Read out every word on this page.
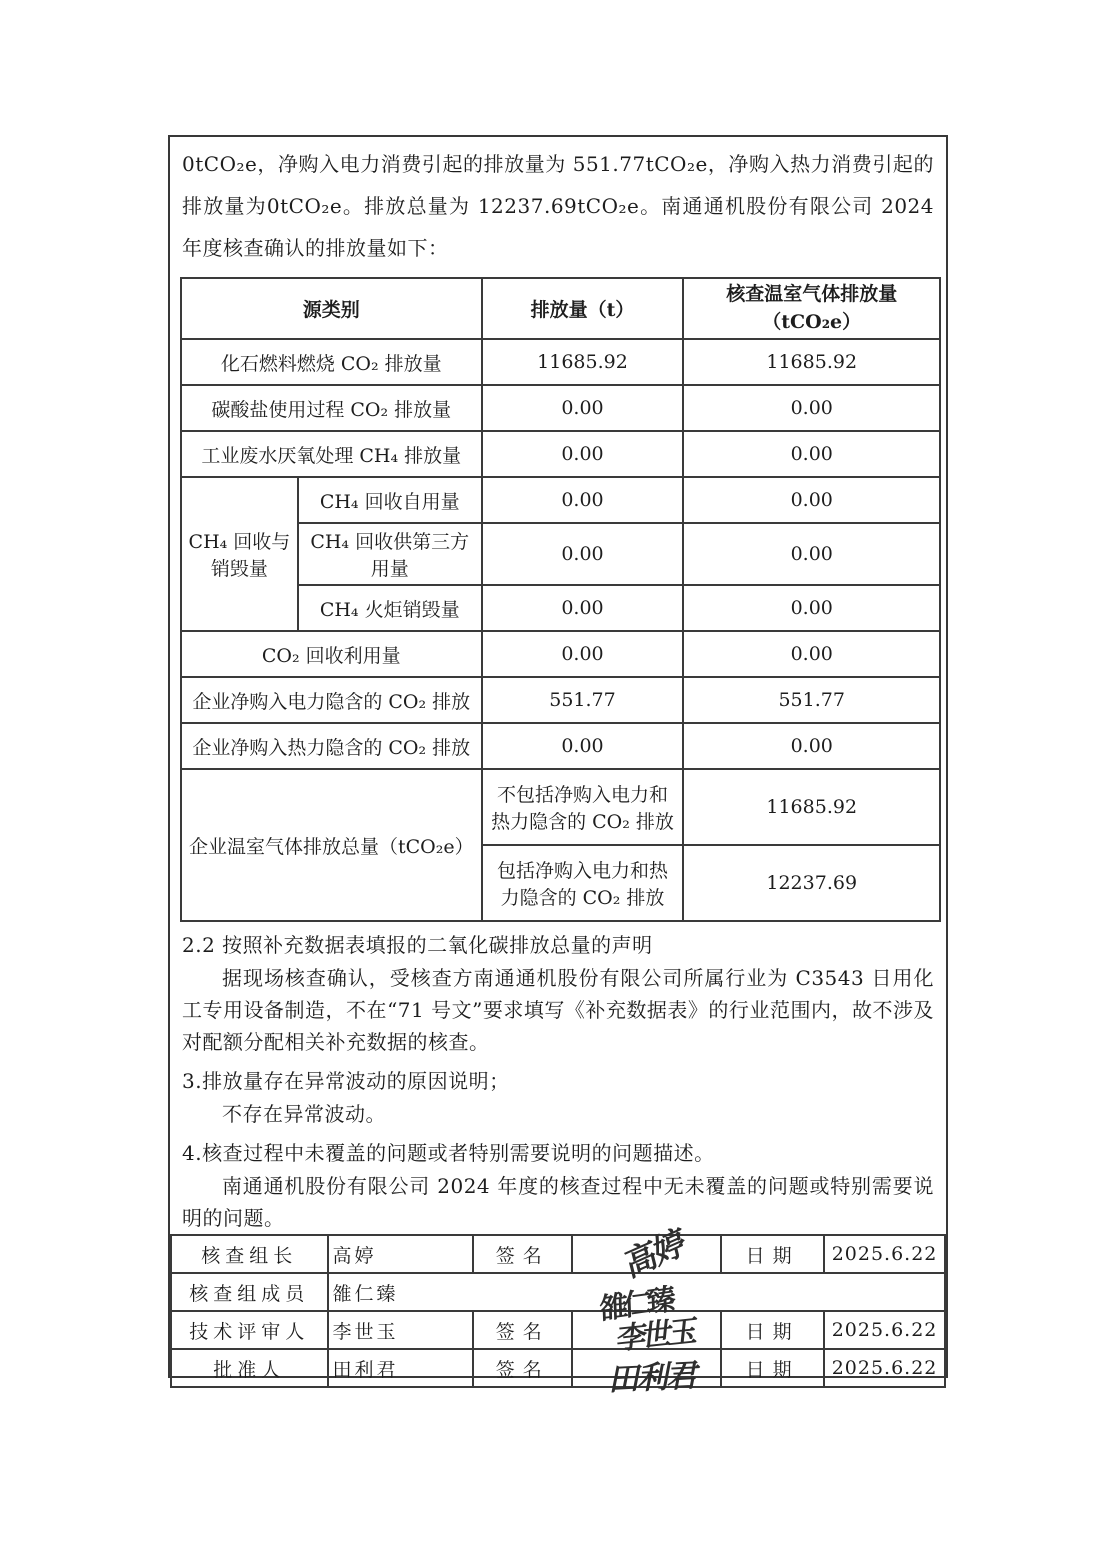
0tCO₂e，净购入电力消费引起的排放量为 551.77tCO₂e，净购入热力消费引起的排放量为0tCO₂e。排放总量为 12237.69tCO₂e。南通通机股份有限公司 2024 年度核查确认的排放量如下：

源类别		排放量（t）	核查温室气体排放量
（tCO₂e）

化石燃料燃烧 CO₂ 排放量		11685.92	11685.92
碳酸盐使用过程 CO₂ 排放量		0.00	0.00
工业废水厌氧处理 CH₄ 排放量		0.00	0.00
CH₄ 回收与销毁量	CH₄ 回收自用量	0.00	0.00
	CH₄ 回收供第三方用量	0.00	0.00
	CH₄ 火炬销毁量	0.00	0.00
CO₂ 回收利用量		0.00	0.00
企业净购入电力隐含的 CO₂ 排放		551.77	551.77
企业净购入热力隐含的 CO₂ 排放		0.00	0.00
企业温室气体排放总量（tCO₂e）		不包括净购入电力和热力隐含的 CO₂ 排放	11685.92
		包括净购入电力和热力隐含的 CO₂ 排放	12237.69
2.2 按照补充数据表填报的二氧化碳排放总量的声明

据现场核查确认，受核查方南通通机股份有限公司所属行业为 C3543 日用化工专用设备制造，不在“71 号文”要求填写《补充数据表》的行业范围内，故不涉及对配额分配相关补充数据的核查。

3.排放量存在异常波动的原因说明；

不存在异常波动。

4.核查过程中未覆盖的问题或者特别需要说明的问题描述。

南通通机股份有限公司 2024 年度的核查过程中无未覆盖的问题或特别需要说明的问题。

核查组长	高婷	签名	高婷	日期	2025.6.22
核查组成员	雒仁臻 雒仁臻				

技术评审人	李世玉	签名	李世玉	日期	2025.6.22
批准人	田利君	签名	田利君	日期	2025.6.22
